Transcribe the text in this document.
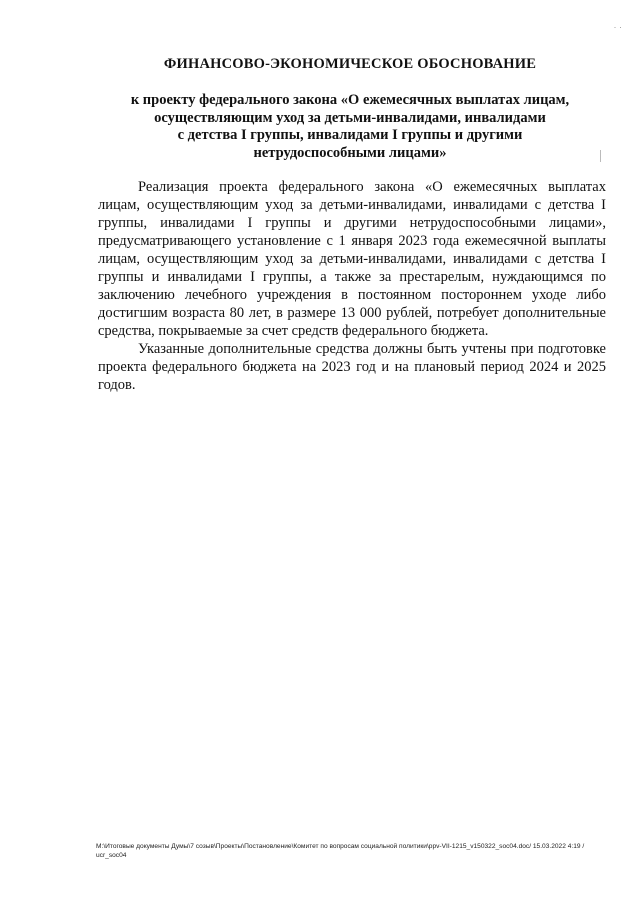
· ·
ФИНАНСОВО-ЭКОНОМИЧЕСКОЕ ОБОСНОВАНИЕ
к проекту федерального закона «О ежемесячных выплатах лицам,
осуществляющим уход за детьми-инвалидами, инвалидами
с детства I группы, инвалидами I группы и другими
нетрудоспособными лицами»

Реализация проекта федерального закона «О ежемесячных выплатах лицам, осуществляющим уход за детьми-инвалидами, инвалидами с детства I группы, инвалидами I группы и другими нетрудоспособными лицами», предусматривающего установление с 1 января 2023 года ежемесячной выплаты лицам, осуществляющим уход за детьми-инвалидами, инвалидами с детства I группы и инвалидами I группы, а также за престарелым, нуждающимся по заключению лечебного учреждения в постоянном постороннем уходе либо достигшим возраста 80 лет, в размере 13 000 рублей, потребует дополнительные средства, покрываемые за счет средств федерального бюджета.

Указанные дополнительные средства должны быть учтены при подготовке проекта федерального бюджета на 2023 год и на плановый период 2024 и 2025 годов.

М:\Итоговые документы Думы\7 созыв\Проекты\Постановление\Комитет по вопросам социальной политики\ppv-VII-1215_v150322_soc04.doc/ 15.03.2022 4:19 / ucr_soc04
